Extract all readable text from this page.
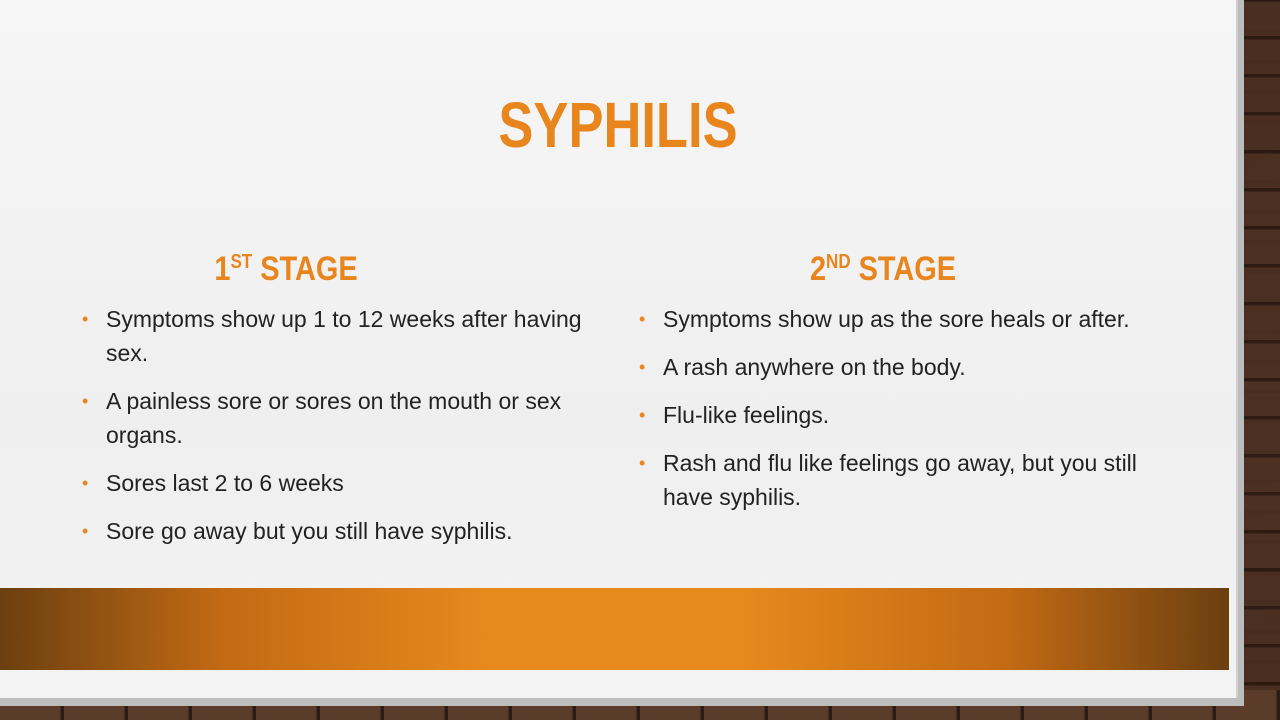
SYPHILIS
1ST STAGE
• Symptoms show up 1 to 12 weeks after having sex.
• A painless sore or sores on the mouth or sex organs.
• Sores last 2 to 6 weeks
• Sore go away but you still have syphilis.
2ND STAGE
• Symptoms show up as the sore heals or after.
• A rash anywhere on the body.
• Flu-like feelings.
• Rash and flu like feelings go away, but you still have syphilis.
